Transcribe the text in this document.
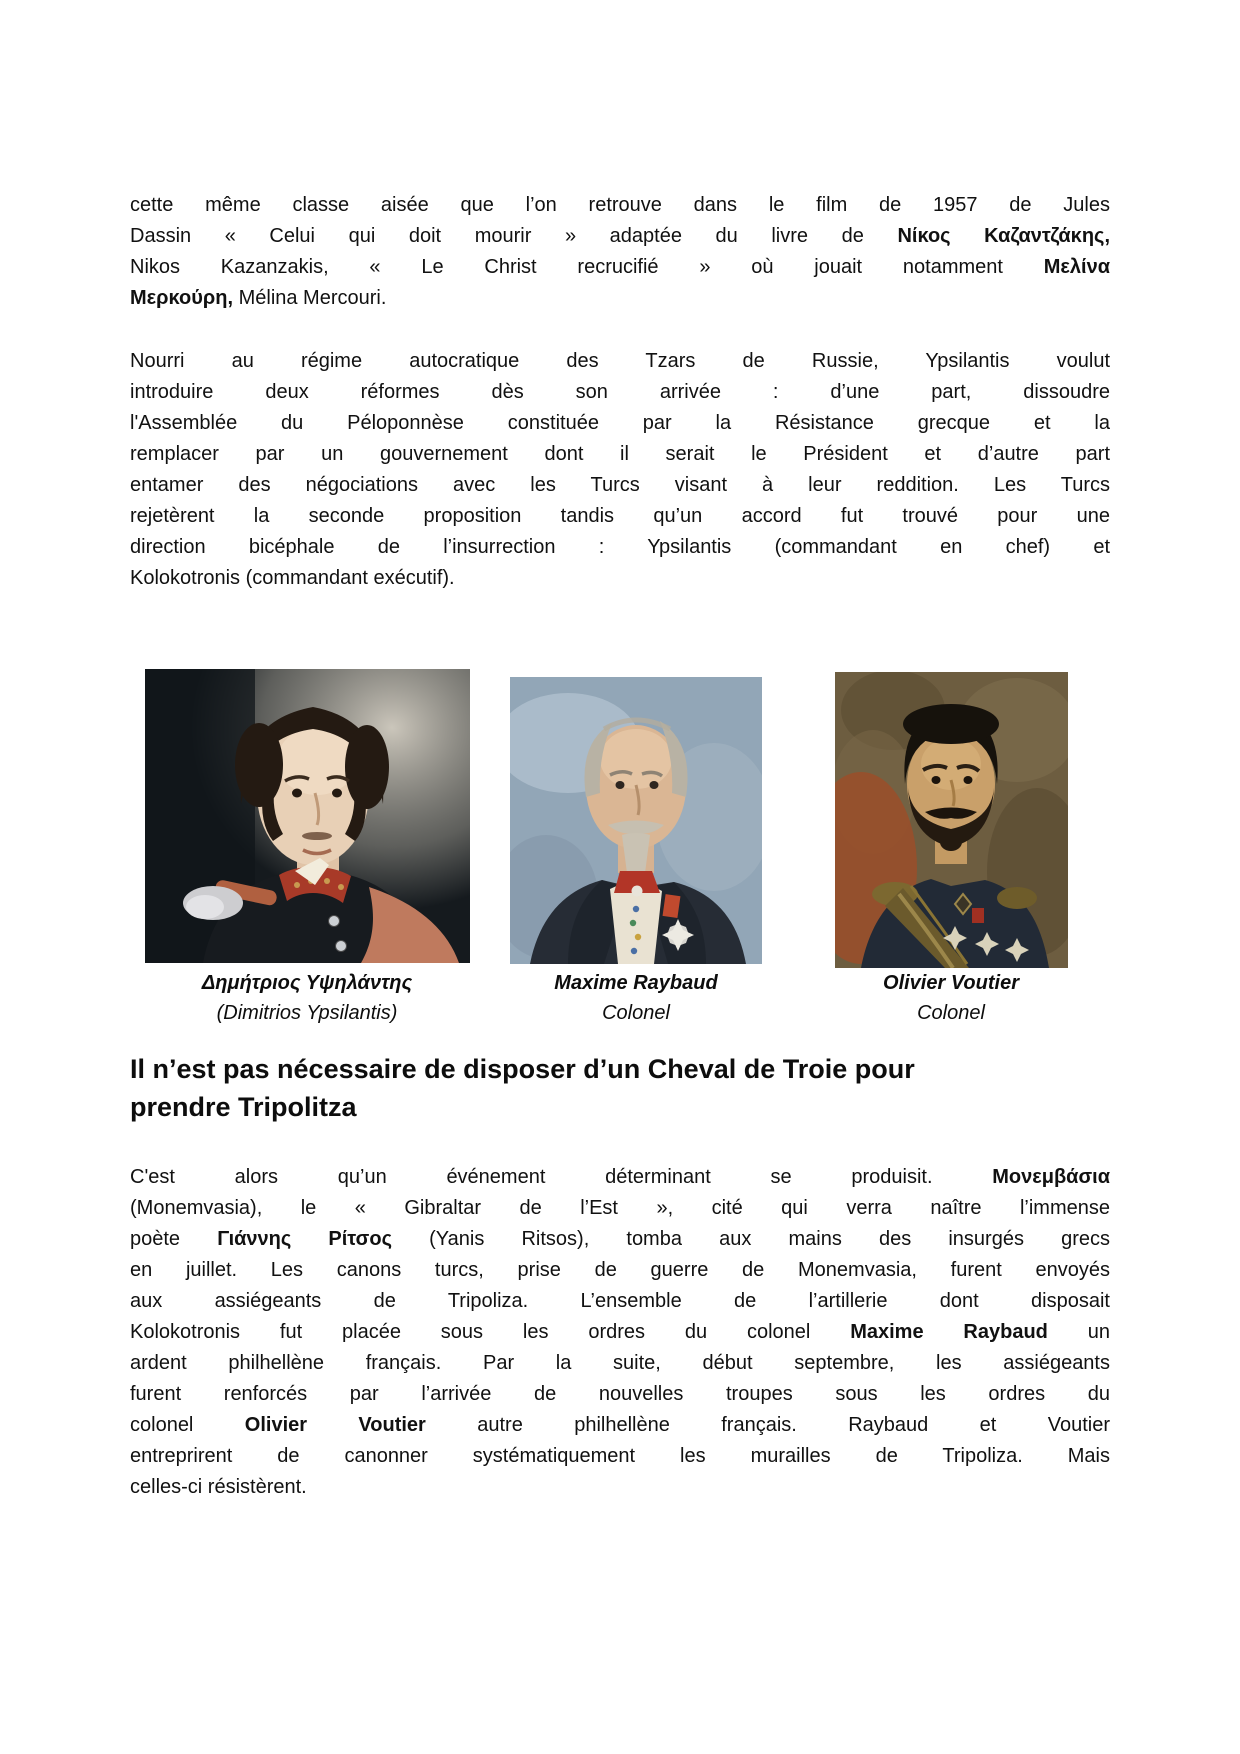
cette même classe aisée que l’on retrouve dans le film de 1957 de Jules
Dassin « Celui qui doit mourir » adaptée du livre de Νίκος Καζαντζάκης,
Nikos Kazanzakis, « Le Christ recrucifié » où jouait notamment Μελίνα
Μερκούρη, Mélina Mercouri.
Nourri au régime autocratique des Tzars de Russie, Ypsilantis voulut
introduire deux réformes dès son arrivée : d’une part, dissoudre
l'Assemblée du Péloponnèse constituée par la Résistance grecque et la
remplacer par un gouvernement dont il serait le Président et d’autre part
entamer des négociations avec les Turcs visant à leur reddition. Les Turcs
rejetèrent la seconde proposition tandis qu’un accord fut trouvé pour une
direction bicéphale de l’insurrection : Ypsilantis (commandant en chef) et
Kolokotronis (commandant exécutif).
Δημήτριος Υψηλάντης
(Dimitrios Ypsilantis)
Maxime Raybaud
Colonel
Olivier Voutier
Colonel
Il n’est pas nécessaire de disposer d’un Cheval de Troie pour
prendre Tripolitza
C'est alors qu’un événement déterminant se produisit. Μονεμβάσια
(Monemvasia), le « Gibraltar de l’Est », cité qui verra naître l’immense
poète Γιάννης Ρίτσος (Yanis Ritsos), tomba aux mains des insurgés grecs
en juillet. Les canons turcs, prise de guerre de Monemvasia, furent envoyés
aux assiégeants de Tripoliza. L’ensemble de l’artillerie dont disposait
Kolokotronis fut placée sous les ordres du colonel Maxime Raybaud un
ardent philhellène français. Par la suite, début septembre, les assiégeants
furent renforcés par l’arrivée de nouvelles troupes sous les ordres du
colonel Olivier Voutier autre philhellène français. Raybaud et Voutier
entreprirent de canonner systématiquement les murailles de Tripoliza. Mais
celles-ci résistèrent.
